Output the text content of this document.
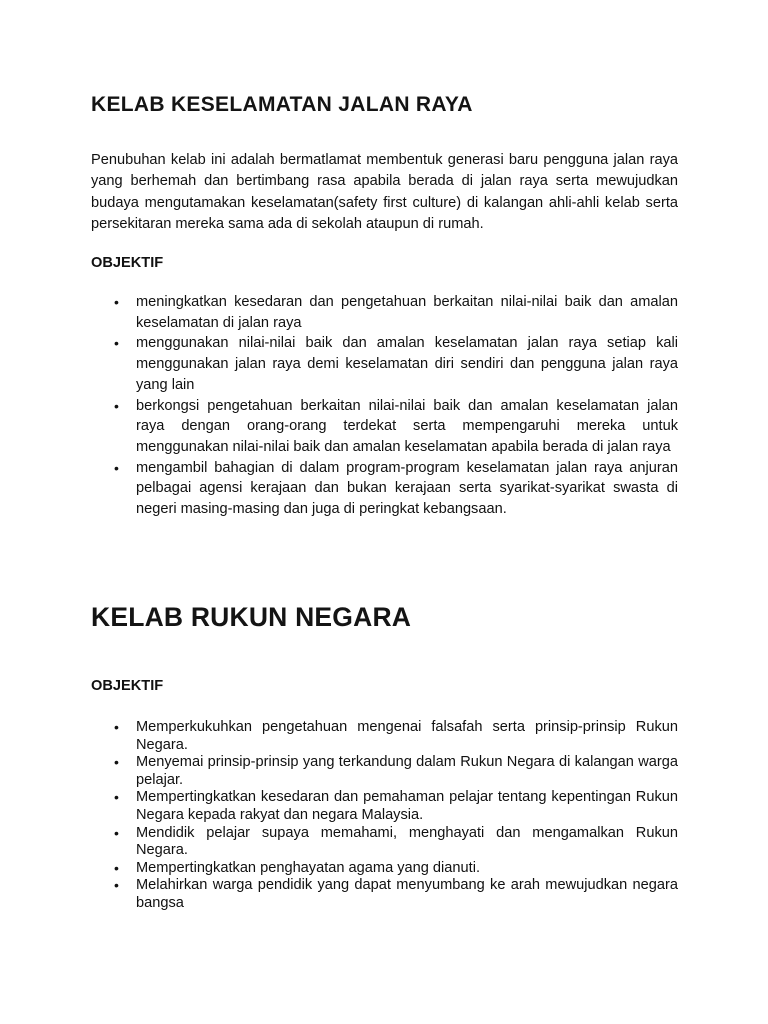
KELAB KESELAMATAN JALAN RAYA

Penubuhan kelab ini adalah bermatlamat membentuk generasi baru pengguna jalan raya yang berhemah dan bertimbang rasa apabila berada di jalan raya serta mewujudkan budaya mengutamakan keselamatan(safety first culture) di kalangan ahli-ahli kelab serta persekitaran mereka sama ada di sekolah ataupun di rumah.

OBJEKTIF

• meningkatkan kesedaran dan pengetahuan berkaitan nilai-nilai baik dan amalan keselamatan di jalan raya
• menggunakan nilai-nilai baik dan amalan keselamatan jalan raya setiap kali menggunakan jalan raya demi keselamatan diri sendiri dan pengguna jalan raya yang lain
• berkongsi pengetahuan berkaitan nilai-nilai baik dan amalan keselamatan jalan raya dengan orang-orang terdekat serta mempengaruhi mereka untuk menggunakan nilai-nilai baik dan amalan keselamatan apabila berada di jalan raya
• mengambil bahagian di dalam program-program keselamatan jalan raya anjuran pelbagai agensi kerajaan dan bukan kerajaan serta syarikat-syarikat swasta di negeri masing-masing dan juga di peringkat kebangsaan.
KELAB RUKUN NEGARA

OBJEKTIF

• Memperkukuhkan pengetahuan mengenai falsafah serta prinsip-prinsip Rukun Negara.
• Menyemai prinsip-prinsip yang terkandung dalam Rukun Negara di kalangan warga pelajar.
• Mempertingkatkan kesedaran dan pemahaman pelajar tentang kepentingan Rukun Negara kepada rakyat dan negara Malaysia.
• Mendidik pelajar supaya memahami, menghayati dan mengamalkan Rukun Negara.
• Mempertingkatkan penghayatan agama yang dianuti.
• Melahirkan warga pendidik yang dapat menyumbang ke arah mewujudkan negara bangsa
